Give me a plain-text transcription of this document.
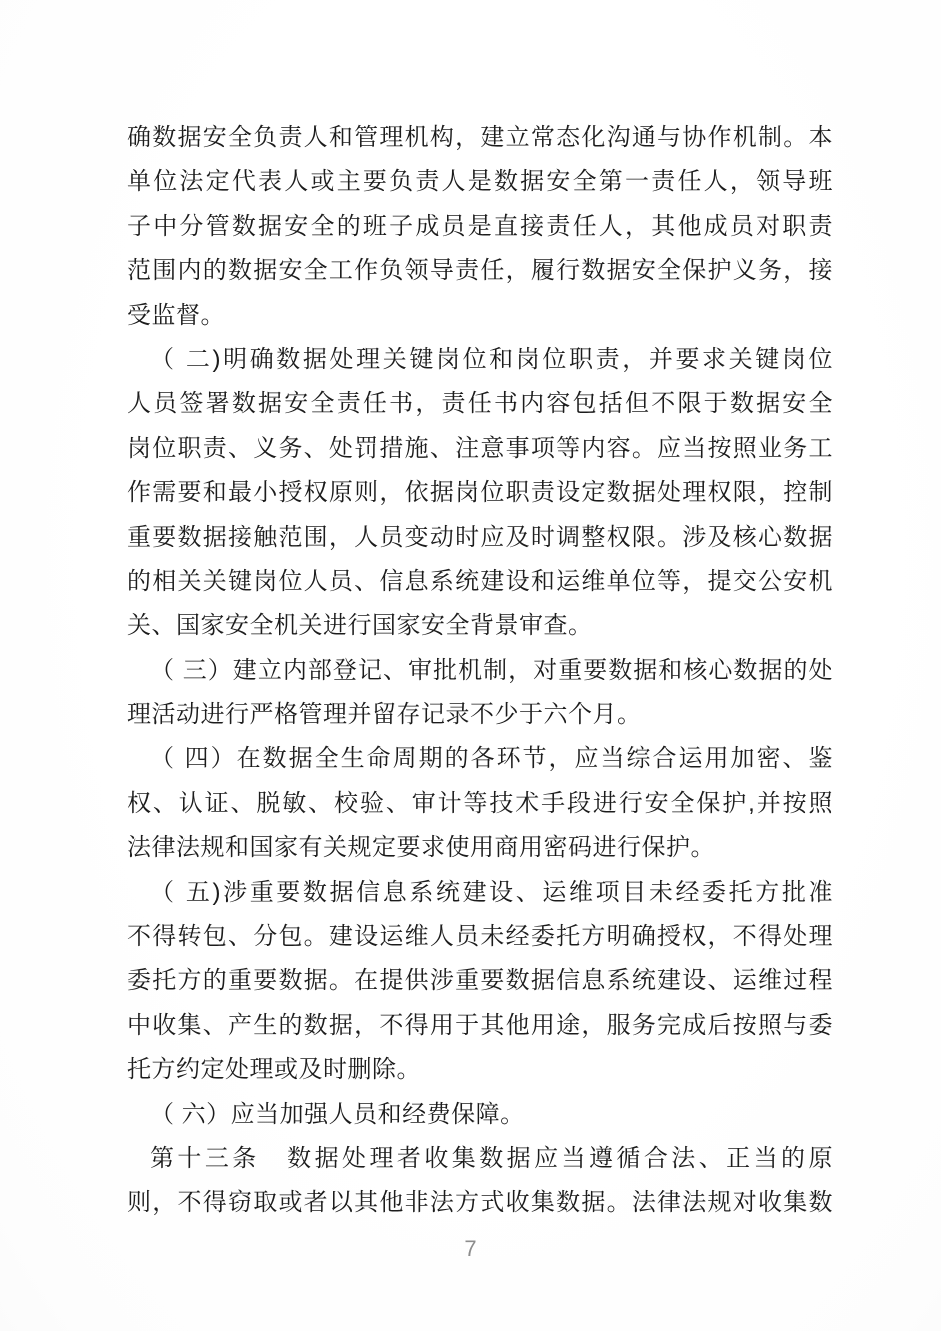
确数据安全负责人和管理机构，建立常态化沟通与协作机制。本
单位法定代表人或主要负责人是数据安全第一责任人，领导班
子中分管数据安全的班子成员是直接责任人，其他成员对职责
范围内的数据安全工作负领导责任，履行数据安全保护义务，接
受监督。
（ 二)明确数据处理关键岗位和岗位职责，并要求关键岗位
人员签署数据安全责任书，责任书内容包括但不限于数据安全
岗位职责、义务、处罚措施、注意事项等内容。应当按照业务工
作需要和最小授权原则，依据岗位职责设定数据处理权限，控制
重要数据接触范围，人员变动时应及时调整权限。涉及核心数据
的相关关键岗位人员、信息系统建设和运维单位等，提交公安机
关、国家安全机关进行国家安全背景审查。
（ 三）建立内部登记、审批机制，对重要数据和核心数据的处
理活动进行严格管理并留存记录不少于六个月。
（ 四）在数据全生命周期的各环节，应当综合运用加密、鉴
权、认证、脱敏、校验、审计等技术手段进行安全保护,并按照
法律法规和国家有关规定要求使用商用密码进行保护。
（ 五)涉重要数据信息系统建设、运维项目未经委托方批准
不得转包、分包。建设运维人员未经委托方明确授权，不得处理
委托方的重要数据。在提供涉重要数据信息系统建设、运维过程
中收集、产生的数据，不得用于其他用途，服务完成后按照与委
托方约定处理或及时删除。
（ 六）应当加强人员和经费保障。
第十三条　数据处理者收集数据应当遵循合法、正当的原
则，不得窃取或者以其他非法方式收集数据。法律法规对收集数
7
